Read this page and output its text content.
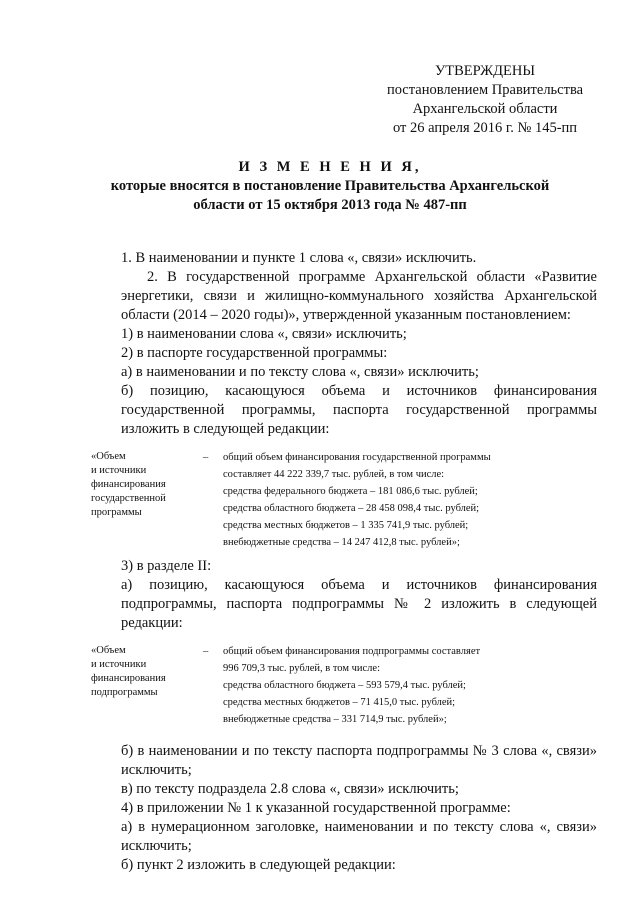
УТВЕРЖДЕНЫ
постановлением Правительства
Архангельской области
от 26 апреля 2016 г. № 145-пп
И З М Е Н Е Н И Я,
которые вносятся в постановление Правительства Архангельской
области от 15 октября 2013 года № 487-пп

1. В наименовании и пункте 1 слова «, связи» исключить.

2. В государственной программе Архангельской области «Развитие энергетики, связи и жилищно-коммунального хозяйства Архангельской области (2014 – 2020 годы)», утвержденной указанным постановлением:

1) в наименовании слова «, связи» исключить;

2) в паспорте государственной программы:

а) в наименовании и по тексту слова «, связи» исключить;

б) позицию, касающуюся объема и источников финансирования государственной программы, паспорта государственной программы изложить в следующей редакции:

«Объем
и источники
финансирования
государственной
программы
–	общий объем финансирования государственной программы
составляет 44 222 339,7 тыс. рублей, в том числе:
средства федерального бюджета – 181 086,6 тыс. рублей;
средства областного бюджета – 28 458 098,4 тыс. рублей;
средства местных бюджетов – 1 335 741,9 тыс. рублей;
внебюджетные средства – 14 247 412,8 тыс. рублей»;

3) в разделе II:

а) позицию, касающуюся объема и источников финансирования подпрограммы, паспорта подпрограммы № 2 изложить в следующей редакции:

«Объем
и источники
финансирования
подпрограммы
–	общий объем финансирования подпрограммы составляет
996 709,3 тыс. рублей, в том числе:
средства областного бюджета – 593 579,4 тыс. рублей;
средства местных бюджетов – 71 415,0 тыс. рублей;
внебюджетные средства – 331 714,9 тыс. рублей»;

б) в наименовании и по тексту паспорта подпрограммы № 3 слова «, связи» исключить;

в) по тексту подраздела 2.8 слова «, связи» исключить;

4) в приложении № 1 к указанной государственной программе:

а) в нумерационном заголовке, наименовании и по тексту слова «, связи» исключить;

б) пункт 2 изложить в следующей редакции:
